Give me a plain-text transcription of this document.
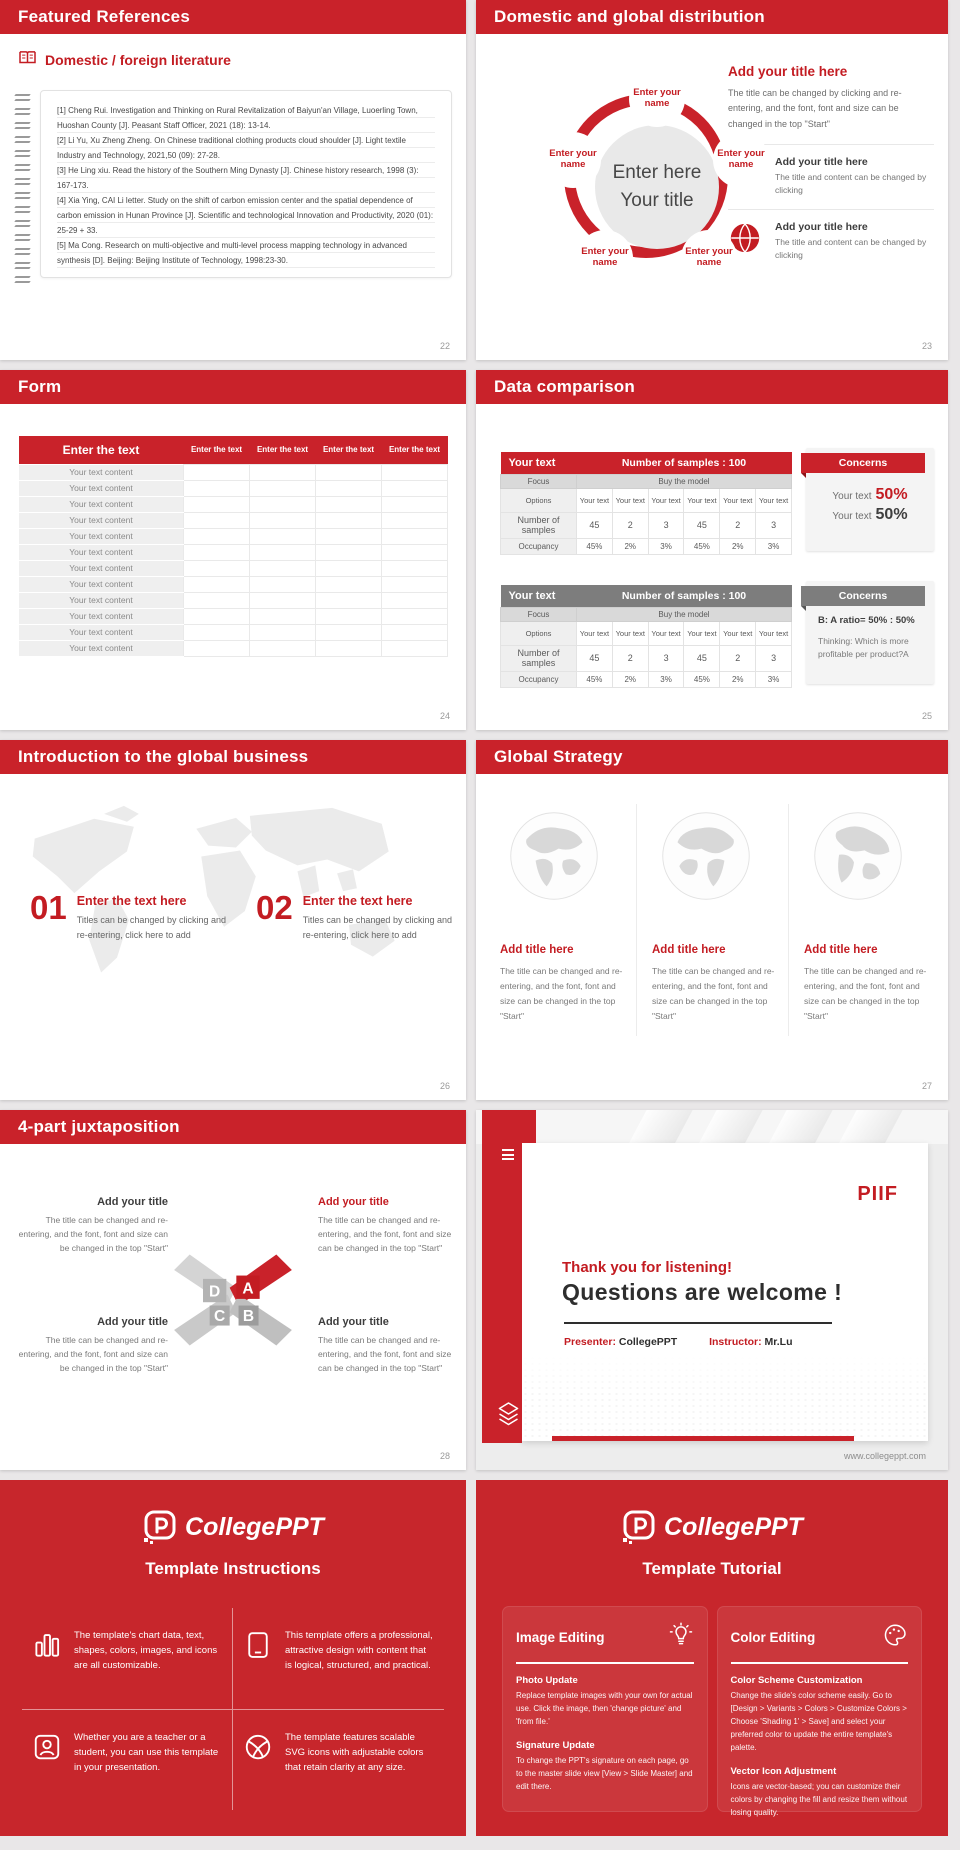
Featured References
Domestic / foreign literature

[1] Cheng Rui. Investigation and Thinking on Rural Revitalization of Baiyun'an Village, Luoerling Town, Huoshan County [J]. Peasant Staff Officer, 2021 (18): 13-14.

[2] Li Yu, Xu Zheng Zheng. On Chinese traditional clothing products cloud shoulder [J]. Light textile Industry and Technology, 2021,50 (09): 27-28.

[3] He Ling xiu. Read the history of the Southern Ming Dynasty [J]. Chinese history research, 1998 (3): 167-173.

[4] Xia Ying, CAI Li letter. Study on the shift of carbon emission center and the spatial dependence of carbon emission in Hunan Province [J]. Scientific and technological Innovation and Productivity, 2020 (01): 25-29 + 33.

[5] Ma Cong. Research on multi-objective and multi-level process mapping technology in advanced synthesis [D]. Beijing: Beijing Institute of Technology, 1998:23-30.

22
Domestic and global distribution
Enter here
Your title
Enter your name
Enter your name
Enter your name
Enter your name
Enter your name
Add your title here

The title can be changed by clicking and re-entering, and the font, font and size can be changed in the top "Start"

Add your title here

The title and content can be changed by clicking

Add your title here

The title and content can be changed by clicking

23
Form
Enter the text	Enter the text	Enter the text	Enter the text	Enter the text
Your text content				
Your text content				
Your text content				
Your text content				
Your text content				
Your text content				
Your text content				
Your text content				
Your text content				
Your text content				
Your text content				
Your text content				
24
Data comparison
Your text	Number of samples : 100					
Focus	Buy the model					
Options	Your text	Your text	Your text	Your text	Your text	Your text
Number of samples	45	2	3	45	2	3
Occupancy	45%	2%	3%	45%	2%	3%
Your text	Number of samples : 100					
Focus	Buy the model					
Options	Your text	Your text	Your text	Your text	Your text	Your text
Number of samples	45	2	3	45	2	3
Occupancy	45%	2%	3%	45%	2%	3%
Concerns
Your text 50%
Your text 50%
Concerns
B: A ratio= 50% : 50%
Thinking: Which is more profitable per product?A
25
Introduction to the global business
01 Enter the text here

Titles can be changed by clicking and re-entering, click here to add

02 Enter the text here

Titles can be changed by clicking and re-entering, click here to add

26
Global Strategy
Add title here

The title can be changed and re-entering, and the font, font and size can be changed in the top "Start"

Add title here

The title can be changed and re-entering, and the font, font and size can be changed in the top "Start"

Add title here

The title can be changed and re-entering, and the font, font and size can be changed in the top "Start"

27
4-part juxtaposition
Add your title

The title can be changed and re-entering, and the font, font and size can be changed in the top "Start"

Add your title

The title can be changed and re-entering, and the font, font and size can be changed in the top "Start"

Add your title

The title can be changed and re-entering, and the font, font and size can be changed in the top "Start"

Add your title

The title can be changed and re-entering, and the font, font and size can be changed in the top "Start"

D A
C B
28
PIIF
Thank you for listening!
Questions are welcome !
Presenter: CollegePPT	Instructor: Mr.Lu
www.collegeppt.com
CollegePPT
Template Instructions

The template's chart data, text, shapes, colors, images, and icons are all customizable.

This template offers a professional, attractive design with content that is logical, structured, and practical.

Whether you are a teacher or a student, you can use this template in your presentation.

The template features scalable SVG icons with adjustable colors that retain clarity at any size.

CollegePPT
Template Tutorial
Image Editing
Photo Update

Replace template images with your own for actual use. Click the image, then 'change picture' and 'from file.'

Signature Update

To change the PPT's signature on each page, go to the master slide view [View > Slide Master] and edit there.

Color Editing
Color Scheme Customization

Change the slide's color scheme easily. Go to [Design > Variants > Colors > Customize Colors > Choose 'Shading 1' > Save] and select your preferred color to update the entire template's palette.

Vector Icon Adjustment

Icons are vector-based; you can customize their colors by changing the fill and resize them without losing quality.
